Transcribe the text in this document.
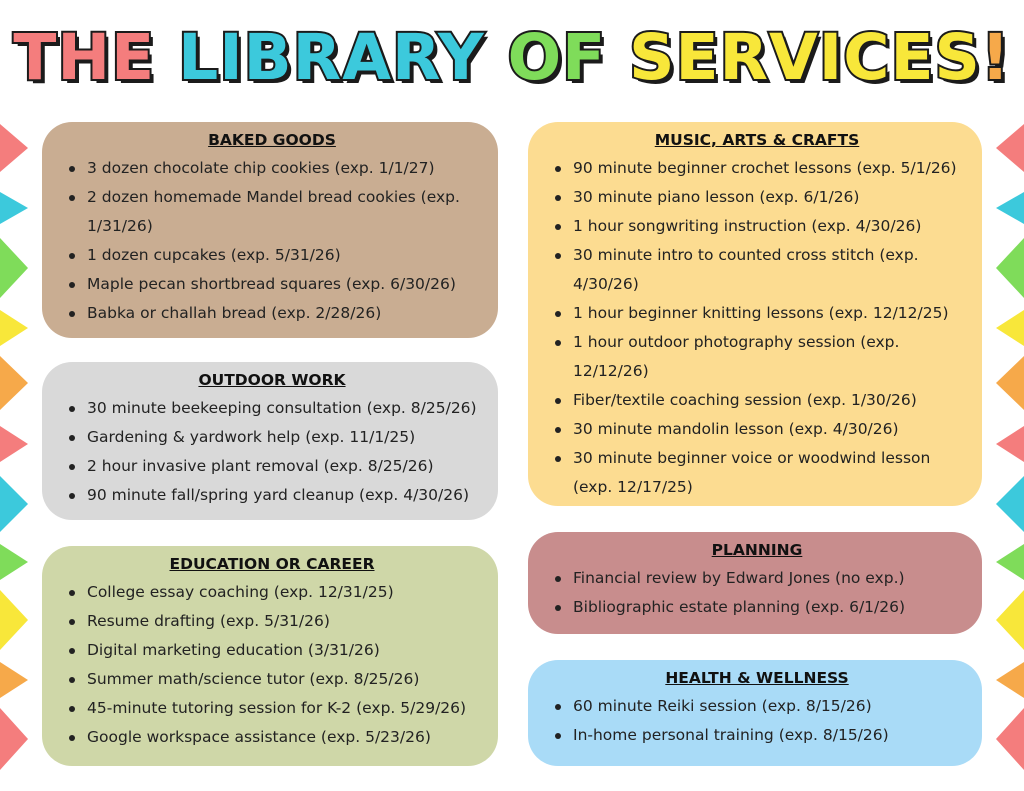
THE LIBRARY OF SERVICES!
BAKED GOODS
3 dozen chocolate chip cookies (exp. 1/1/27)
2 dozen homemade Mandel bread cookies (exp. 1/31/26)
1 dozen cupcakes (exp. 5/31/26)
Maple pecan shortbread squares (exp. 6/30/26)
Babka or challah bread (exp. 2/28/26)
OUTDOOR WORK
30 minute beekeeping consultation (exp. 8/25/26)
Gardening & yardwork help (exp. 11/1/25)
2 hour invasive plant removal (exp. 8/25/26)
90 minute fall/spring yard cleanup (exp. 4/30/26)
EDUCATION OR CAREER
College essay coaching (exp. 12/31/25)
Resume drafting (exp. 5/31/26)
Digital marketing education (3/31/26)
Summer math/science tutor (exp. 8/25/26)
45-minute tutoring session for K-2 (exp. 5/29/26)
Google workspace assistance (exp. 5/23/26)
MUSIC, ARTS & CRAFTS
90 minute beginner crochet lessons (exp. 5/1/26)
30 minute piano lesson (exp. 6/1/26)
1 hour songwriting instruction (exp. 4/30/26)
30 minute intro to counted cross stitch (exp. 4/30/26)
1 hour beginner knitting lessons (exp. 12/12/25)
1 hour outdoor photography session (exp. 12/12/26)
Fiber/textile coaching session (exp. 1/30/26)
30 minute mandolin lesson (exp. 4/30/26)
30 minute beginner voice or woodwind lesson (exp. 12/17/25)
PLANNING
Financial review by Edward Jones (no exp.)
Bibliographic estate planning (exp. 6/1/26)
HEALTH & WELLNESS
60 minute Reiki session (exp. 8/15/26)
In-home personal training (exp. 8/15/26)
